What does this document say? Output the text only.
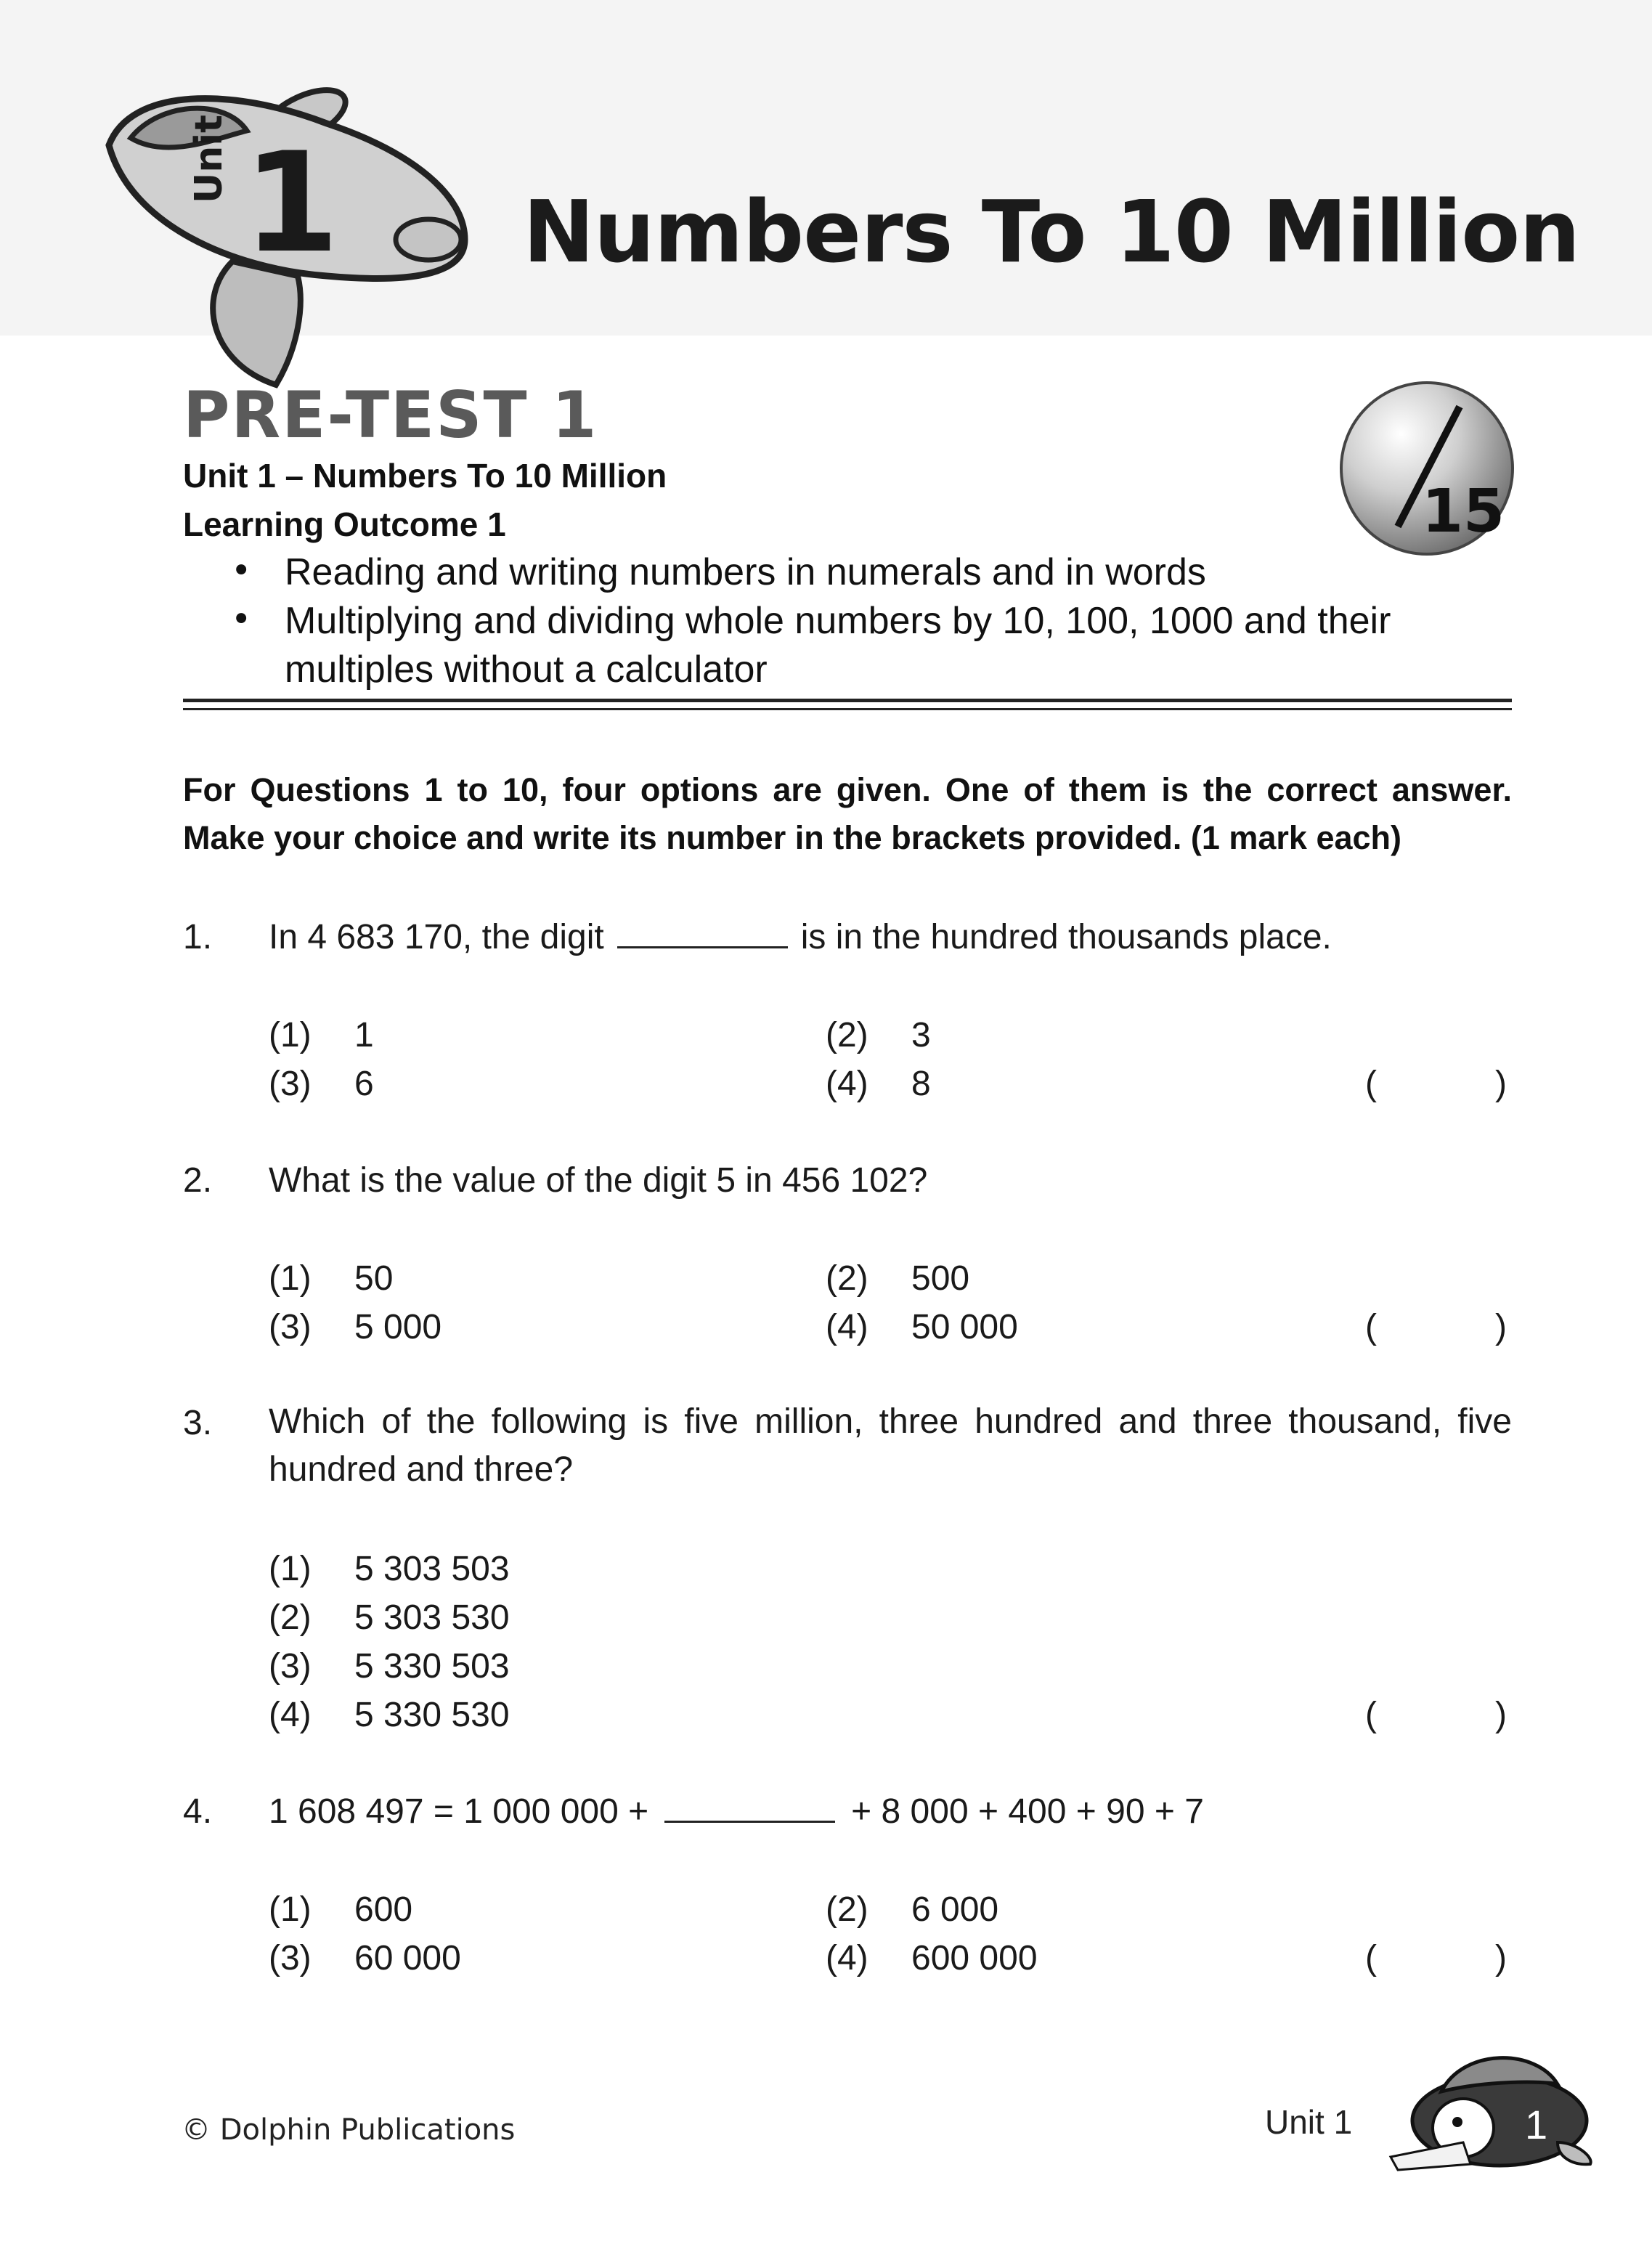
Unit 1 Numbers To 10 Million
PRE-TEST 1
Unit 1 – Numbers To 10 Million
Learning Outcome 1
• Reading and writing numbers in numerals and in words
• Multiplying and dividing whole numbers by 10, 100, 1000 and their
multiples without a calculator
15
For Questions 1 to 10, four options are given. One of them is the correct answer. Make your choice and write its number in the brackets provided. (1 mark each)
1. In 4 683 170, the digit	is in the hundred thousands place.
(1) 1	(2) 3
(3) 6	(4) 8	(	)
2. What is the value of the digit 5 in 456 102?
(1) 50	(2) 500
(3) 5 000	(4) 50 000	(	)
3. Which of the following is five million, three hundred and three thousand, five hundred and three?
(1) 5 303 503
(2) 5 303 530
(3) 5 330 503
(4) 5 330 530	(	)
4. 1 608 497 = 1 000 000 +	+ 8 000 + 400 + 90 + 7
(1) 600	(2) 6 000
(3) 60 000	(4) 600 000	(	)
© Dolphin Publications	Unit 1	1
